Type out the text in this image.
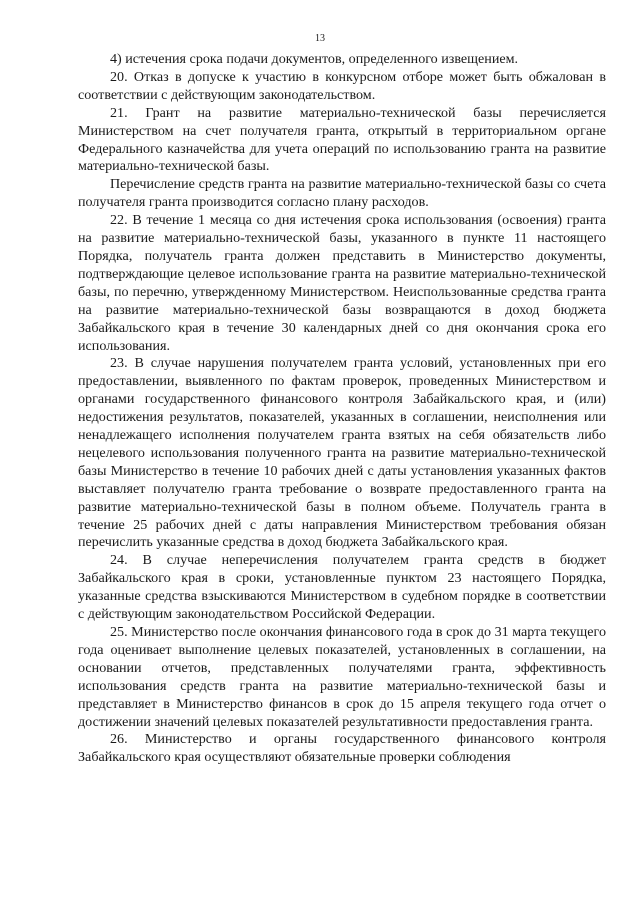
13

4) истечения срока подачи документов, определенного извещением.

20. Отказ в допуске к участию в конкурсном отборе может быть обжалован в соответствии с действующим законодательством.

21. Грант на развитие материально-технической базы перечисляется Министерством на счет получателя гранта, открытый в территориальном органе Федерального казначейства для учета операций по использованию гранта на развитие материально-технической базы.

Перечисление средств гранта на развитие материально-технической базы со счета получателя гранта производится согласно плану расходов.

22. В течение 1 месяца со дня истечения срока использования (освоения) гранта на развитие материально-технической базы, указанного в пункте 11 настоящего Порядка, получатель гранта должен представить в Министерство документы, подтверждающие целевое использование гранта на развитие материально-технической базы, по перечню, утвержденному Министерством. Неиспользованные средства гранта на развитие материально-технической базы возвращаются в доход бюджета Забайкальского края в течение 30 календарных дней со дня окончания срока его использования.

23. В случае нарушения получателем гранта условий, установленных при его предоставлении, выявленного по фактам проверок, проведенных Министерством и органами государственного финансового контроля Забайкальского края, и (или) недостижения результатов, показателей, указанных в соглашении, неисполнения или ненадлежащего исполнения получателем гранта взятых на себя обязательств либо нецелевого использования полученного гранта на развитие материально-технической базы Министерство в течение 10 рабочих дней с даты установления указанных фактов выставляет получателю гранта требование о возврате предоставленного гранта на развитие материально-технической базы в полном объеме. Получатель гранта в течение 25 рабочих дней с даты направления Министерством требования обязан перечислить указанные средства в доход бюджета Забайкальского края.

24. В случае неперечисления получателем гранта средств в бюджет Забайкальского края в сроки, установленные пунктом 23 настоящего Порядка, указанные средства взыскиваются Министерством в судебном порядке в соответствии с действующим законодательством Российской Федерации.

25. Министерство после окончания финансового года в срок до 31 марта текущего года оценивает выполнение целевых показателей, установленных в соглашении, на основании отчетов, представленных получателями гранта, эффективность использования средств гранта на развитие материально-технической базы и представляет в Министерство финансов в срок до 15 апреля текущего года отчет о достижении значений целевых показателей результативности предоставления гранта.

26. Министерство и органы государственного финансового контроля Забайкальского края осуществляют обязательные проверки соблюдения
